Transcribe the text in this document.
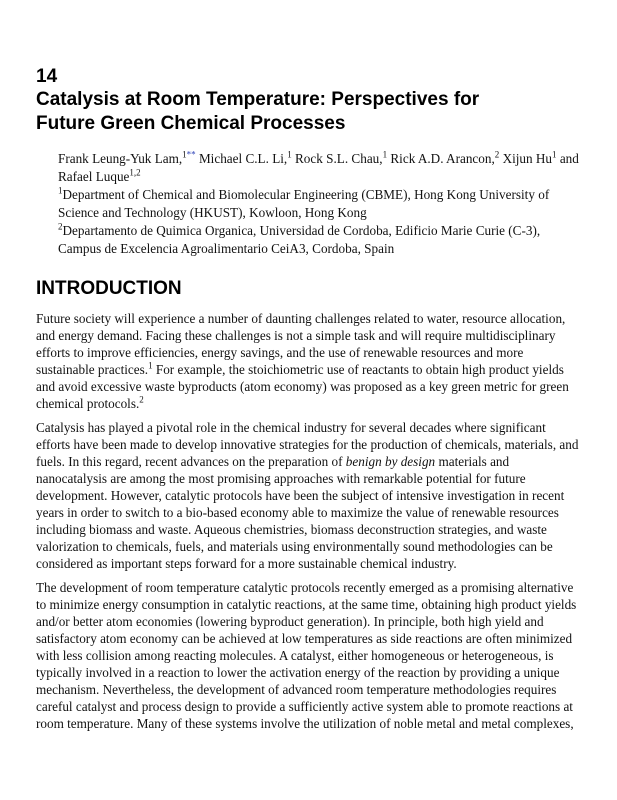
14
Catalysis at Room Temperature: Perspectives for
Future Green Chemical Processes

Frank Leung-Yuk Lam,$^{1**}$ Michael C.L. Li,$^1$ Rock S.L. Chau,$^1$ Rick A.D. Arancon,$^2$ Xijun Hu$^1$ and Rafael Luque$^{1,2}$

$^1$Department of Chemical and Biomolecular Engineering (CBME), Hong Kong University of Science and Technology (HKUST), Kowloon, Hong Kong

$^2$Departamento de Quimica Organica, Universidad de Cordoba, Edificio Marie Curie (C-3), Campus de Excelencia Agroalimentario CeiA3, Cordoba, Spain

INTRODUCTION

Future society will experience a number of daunting challenges related to water, resource allocation, and energy demand. Facing these challenges is not a simple task and will require multidisciplinary efforts to improve efficiencies, energy savings, and the use of renewable resources and more sustainable practices.$^1$ For example, the stoichiometric use of reactants to obtain high product yields and avoid excessive waste byproducts (atom economy) was proposed as a key green metric for green chemical protocols.$^2$

Catalysis has played a pivotal role in the chemical industry for several decades where significant efforts have been made to develop innovative strategies for the production of chemicals, materials, and fuels. In this regard, recent advances on the preparation of benign by design materials and nanocatalysis are among the most promising approaches with remarkable potential for future development. However, catalytic protocols have been the subject of intensive investigation in recent years in order to switch to a bio-based economy able to maximize the value of renewable resources including biomass and waste. Aqueous chemistries, biomass deconstruction strategies, and waste valorization to chemicals, fuels, and materials using environmentally sound methodologies can be considered as important steps forward for a more sustainable chemical industry.

The development of room temperature catalytic protocols recently emerged as a promising alternative to minimize energy consumption in catalytic reactions, at the same time, obtaining high product yields and/or better atom economies (lowering byproduct generation). In principle, both high yield and satisfactory atom economy can be achieved at low temperatures as side reactions are often minimized with less collision among reacting molecules. A catalyst, either homogeneous or heterogeneous, is typically involved in a reaction to lower the activation energy of the reaction by providing a unique mechanism. Nevertheless, the development of advanced room temperature methodologies requires careful catalyst and process design to provide a sufficiently active system able to promote reactions at room temperature. Many of these systems involve the utilization of noble metal and metal complexes,
